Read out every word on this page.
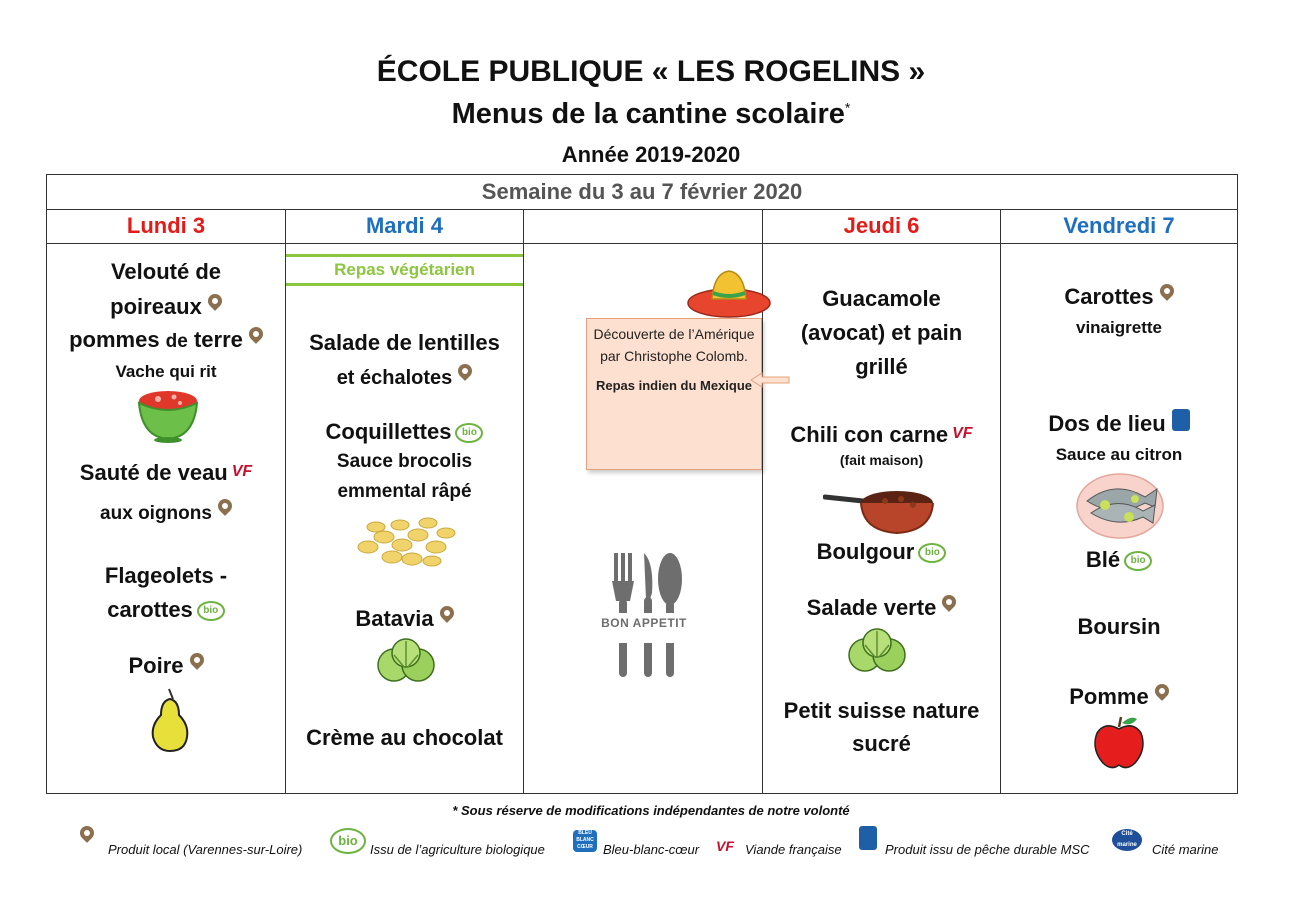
ÉCOLE PUBLIQUE « LES ROGELINS »
Menus de la cantine scolaire*
Année 2019-2020
Semaine du 3 au 7 février 2020
Lundi 3
Velouté de
poireaux
pommes de terre
Vache qui rit
Sauté de veau VF
aux oignons
Flageolets -
carottes bio
Poire
Mardi 4
Repas végétarien
Salade de lentilles
et échalotes
Coquillettes bio
Sauce brocolis
emmental râpé
Batavia
Crème au chocolat
BON APPETIT
Jeudi 6
Guacamole
(avocat) et pain
grillé
Chili con carne VF
(fait maison)
Boulgour bio
Salade verte
Petit suisse nature
sucré
Vendredi 7
Carottes
vinaigrette
Dos de lieu
Sauce au citron
Blé bio
Boursin
Pomme
Découverte de l’Amérique par Christophe Colomb.
Repas indien du Mexique
* Sous réserve de modifications indépendantes de notre volonté
Produit local (Varennes-sur-Loire)
bio
Issu de l’agriculture biologique
BLEU BLANC CŒUR Bleu-blanc-cœur VF Viande française	Produit issu de pêche durable MSC
Cité marine	Cité marine
